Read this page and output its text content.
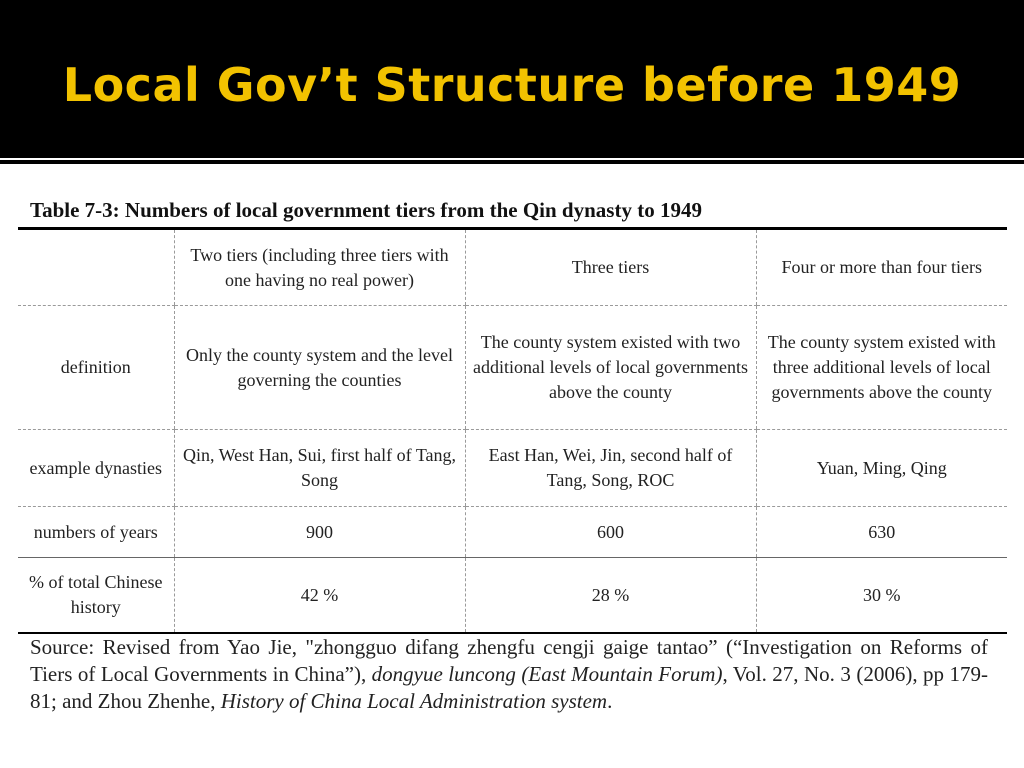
Local Gov’t Structure before 1949
Table 7-3: Numbers of local government tiers from the Qin dynasty to 1949
	Two tiers (including three tiers with one having no real power)	Three tiers	Four or more than four tiers
definition	Only the county system and the level governing the counties	The county system existed with two additional levels of local governments above the county	The county system existed with three additional levels of local governments above the county
example dynasties	Qin, West Han, Sui, first half of Tang, Song	East Han, Wei, Jin, second half of Tang, Song, ROC	Yuan, Ming, Qing
numbers of years	900	600	630
% of total Chinese history	42 %	28 %	30 %
Source: Revised from Yao Jie, "zhongguo difang zhengfu cengji gaige tantao” (“Investigation on Reforms of Tiers of Local Governments in China”), dongyue luncong (East Mountain Forum), Vol. 27, No. 3 (2006), pp 179-81; and Zhou Zhenhe, History of China Local Administration system.
